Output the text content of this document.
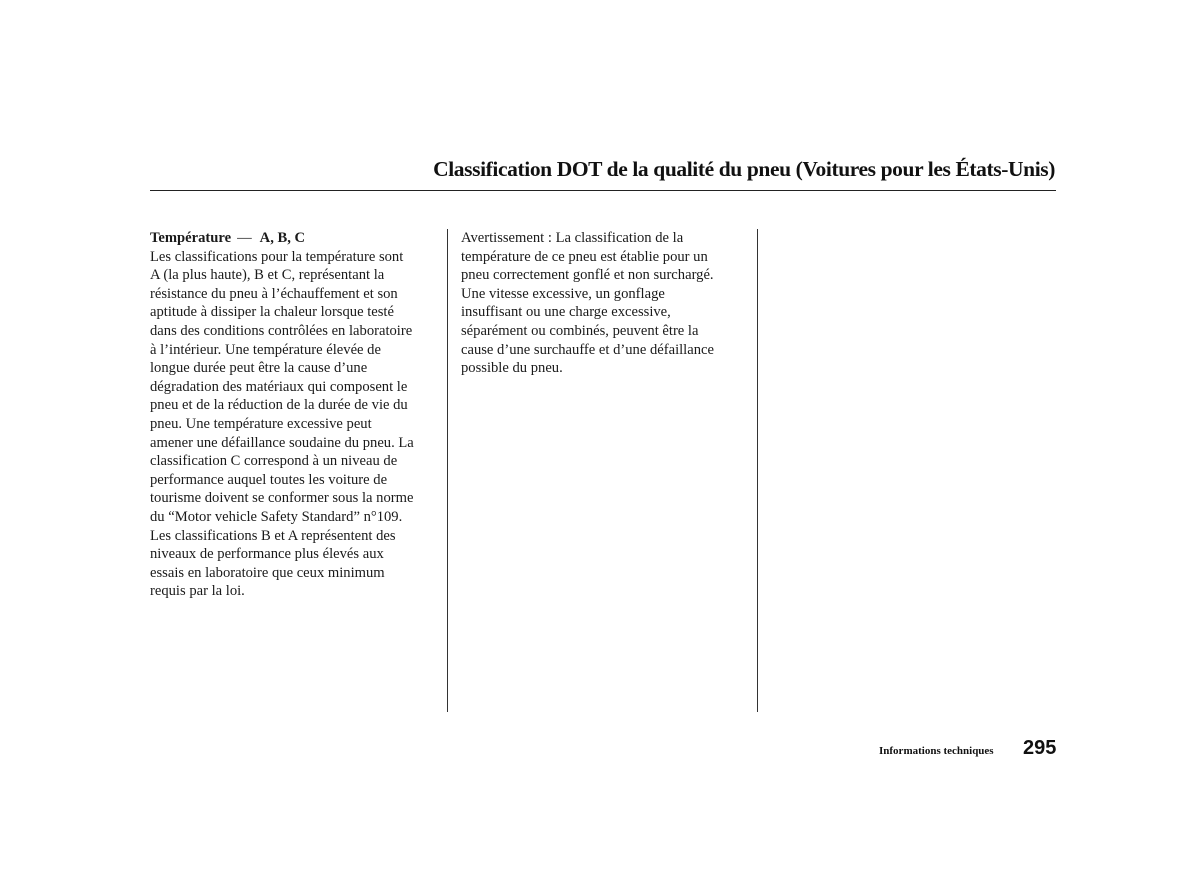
Classification DOT de la qualité du pneu (Voitures pour les États-Unis)
Température — A, B, C
Les classifications pour la température sont
A (la plus haute), B et C, représentant la
résistance du pneu à l’échauffement et son
aptitude à dissiper la chaleur lorsque testé
dans des conditions contrôlées en laboratoire
à l’intérieur. Une température élevée de
longue durée peut être la cause d’une
dégradation des matériaux qui composent le
pneu et de la réduction de la durée de vie du
pneu. Une température excessive peut
amener une défaillance soudaine du pneu. La
classification C correspond à un niveau de
performance auquel toutes les voiture de
tourisme doivent se conformer sous la norme
du “Motor vehicle Safety Standard” n°109.
Les classifications B et A représentent des
niveaux de performance plus élevés aux
essais en laboratoire que ceux minimum
requis par la loi.
Avertissement : La classification de la
température de ce pneu est établie pour un
pneu correctement gonflé et non surchargé.
Une vitesse excessive, un gonflage
insuffisant ou une charge excessive,
séparément ou combinés, peuvent être la
cause d’une surchauffe et d’une défaillance
possible du pneu.
Informations techniques 295
